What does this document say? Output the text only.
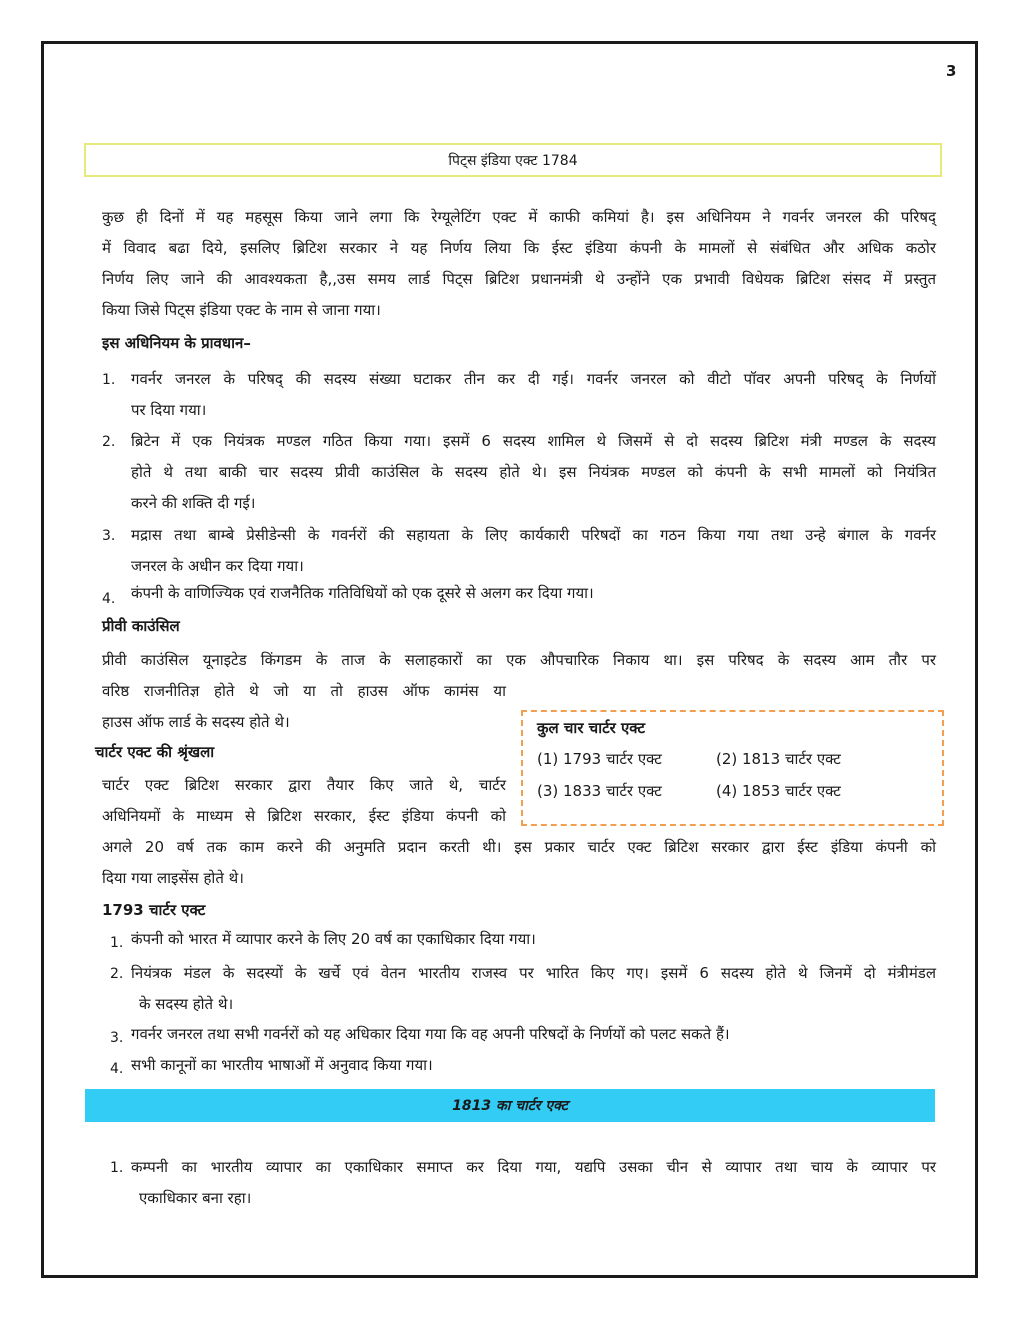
3
पिट्स इंडिया एक्ट 1784
कुछ ही दिनों में यह महसूस किया जाने लगा कि रेग्यूलेटिंग एक्ट में काफी कमियां है। इस अधिनियम ने गवर्नर जनरल की परिषद्
में विवाद बढा दिये, इसलिए ब्रिटिश सरकार ने यह निर्णय लिया कि ईस्ट इंडिया कंपनी के मामलों से संबंधित और अधिक कठोर
निर्णय लिए जाने की आवश्यकता है,,उस समय लार्ड पिट्स ब्रिटिश प्रधानमंत्री थे उन्होंने एक प्रभावी विधेयक ब्रिटिश संसद में प्रस्तुत
किया जिसे पिट्स इंडिया एक्ट के नाम से जाना गया।
इस अधिनियम के प्रावधान–
1. गवर्नर जनरल के परिषद् की सदस्य संख्या घटाकर तीन कर दी गई। गवर्नर जनरल को वीटो पॉवर अपनी परिषद् के निर्णयों
पर दिया गया।
2. ब्रिटेन में एक नियंत्रक मण्डल गठित किया गया। इसमें 6 सदस्य शामिल थे जिसमें से दो सदस्य ब्रिटिश मंत्री मण्डल के सदस्य
होते थे तथा बाकी चार सदस्य प्रीवी काउंसिल के सदस्य होते थे। इस नियंत्रक मण्डल को कंपनी के सभी मामलों को नियंत्रित
करने की शक्ति दी गई।
3. मद्रास तथा बाम्बे प्रेसीडेन्सी के गवर्नरों की सहायता के लिए कार्यकारी परिषदों का गठन किया गया तथा उन्हे बंगाल के गवर्नर
जनरल के अधीन कर दिया गया।
4. कंपनी के वाणिज्यिक एवं राजनैतिक गतिविधियों को एक दूसरे से अलग कर दिया गया।
प्रीवी काउंसिल
प्रीवी काउंसिल यूनाइटेड किंगडम के ताज के सलाहकारों का एक औपचारिक निकाय था। इस परिषद के सदस्य आम तौर पर
वरिष्ठ राजनीतिज्ञ होते थे जो या तो हाउस ऑफ कामंस या
हाउस ऑफ लार्ड के सदस्य होते थे।
चार्टर एक्ट की श्रृंखला
चार्टर एक्ट ब्रिटिश सरकार द्वारा तैयार किए जाते थे, चार्टर
अधिनियमों के माध्यम से ब्रिटिश सरकार, ईस्ट इंडिया कंपनी को
अगले 20 वर्ष तक काम करने की अनुमति प्रदान करती थी। इस प्रकार चार्टर एक्ट ब्रिटिश सरकार द्वारा ईस्ट इंडिया कंपनी को
दिया गया लाइसेंस होते थे।
कुल चार चार्टर एक्ट
(1) 1793 चार्टर एक्ट	(2) 1813 चार्टर एक्ट
(3) 1833 चार्टर एक्ट	(4) 1853 चार्टर एक्ट
1793 चार्टर एक्ट
1. कंपनी को भारत में व्यापार करने के लिए 20 वर्ष का एकाधिकार दिया गया।
2. नियंत्रक मंडल के सदस्यों के खर्चे एवं वेतन भारतीय राजस्व पर भारित किए गए। इसमें 6 सदस्य होते थे जिनमें दो मंत्रीमंडल
के सदस्य होते थे।
3. गवर्नर जनरल तथा सभी गवर्नरों को यह अधिकार दिया गया कि वह अपनी परिषदों के निर्णयों को पलट सकते हैं।
4. सभी कानूनों का भारतीय भाषाओं में अनुवाद किया गया।
1813 का चार्टर एक्ट
1. कम्पनी का भारतीय व्यापार का एकाधिकार समाप्त कर दिया गया, यद्यपि उसका चीन से व्यापार तथा चाय के व्यापार पर
एकाधिकार बना रहा।
